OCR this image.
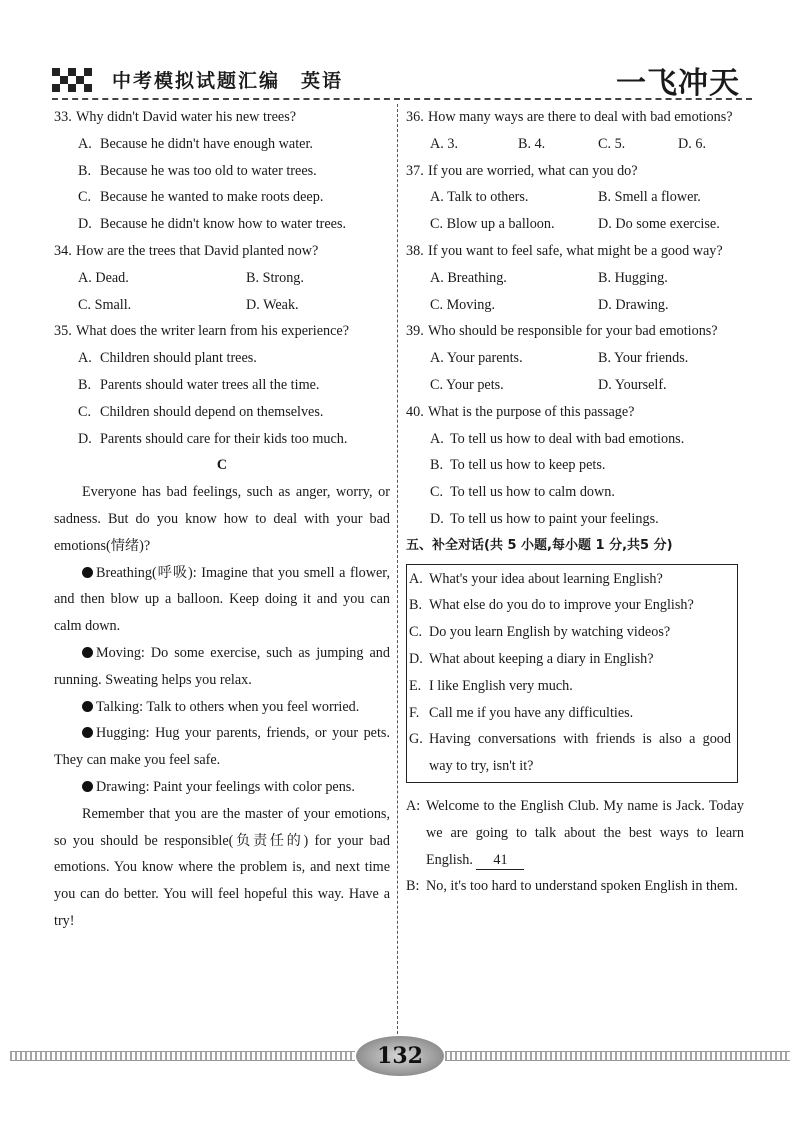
中考模拟试题汇编　英语	一飞冲天
33. Why didn't David water his new trees?
A. Because he didn't have enough water.
B. Because he was too old to water trees.
C. Because he wanted to make roots deep.
D. Because he didn't know how to water trees.
34. How are the trees that David planted now?
A. Dead.	B. Strong.
C. Small.	D. Weak.
35. What does the writer learn from his experience?
A. Children should plant trees.
B. Parents should water trees all the time.
C. Children should depend on themselves.
D. Parents should care for their kids too much.
C
Everyone has bad feelings, such as anger, worry, or sadness. But do you know how to deal with your bad emotions(情绪)?
Breathing(呼吸): Imagine that you smell a flower, and then blow up a balloon. Keep doing it and you can calm down.
Moving: Do some exercise, such as jumping and running. Sweating helps you relax.
Talking: Talk to others when you feel worried.
Hugging: Hug your parents, friends, or your pets. They can make you feel safe.
Drawing: Paint your feelings with color pens.
Remember that you are the master of your emotions, so you should be responsible(负责任的) for your bad emotions. You know where the problem is, and next time you can do better. You will feel hopeful this way. Have a try!
36. How many ways are there to deal with bad emotions?
A. 3.	B. 4.	C. 5.	D. 6.
37. If you are worried, what can you do?
A. Talk to others.	B. Smell a flower.
C. Blow up a balloon.	D. Do some exercise.
38. If you want to feel safe, what might be a good way?
A. Breathing.	B. Hugging.
C. Moving.	D. Drawing.
39. Who should be responsible for your bad emotions?
A. Your parents.	B. Your friends.
C. Your pets.	D. Yourself.
40. What is the purpose of this passage?
A. To tell us how to deal with bad emotions.
B. To tell us how to keep pets.
C. To tell us how to calm down.
D. To tell us how to paint your feelings.
五、补全对话(共 5 小题,每小题 1 分,共5 分)
A. What's your idea about learning English?
B. What else do you do to improve your English?
C. Do you learn English by watching videos?
D. What about keeping a diary in English?
E. I like English very much.
F. Call me if you have any difficulties.
G. Having conversations with friends is also a good way to try, isn't it?
A: Welcome to the English Club. My name is Jack. Today we are going to talk about the best ways to learn English. 41
B: No, it's too hard to understand spoken English in them.
132
